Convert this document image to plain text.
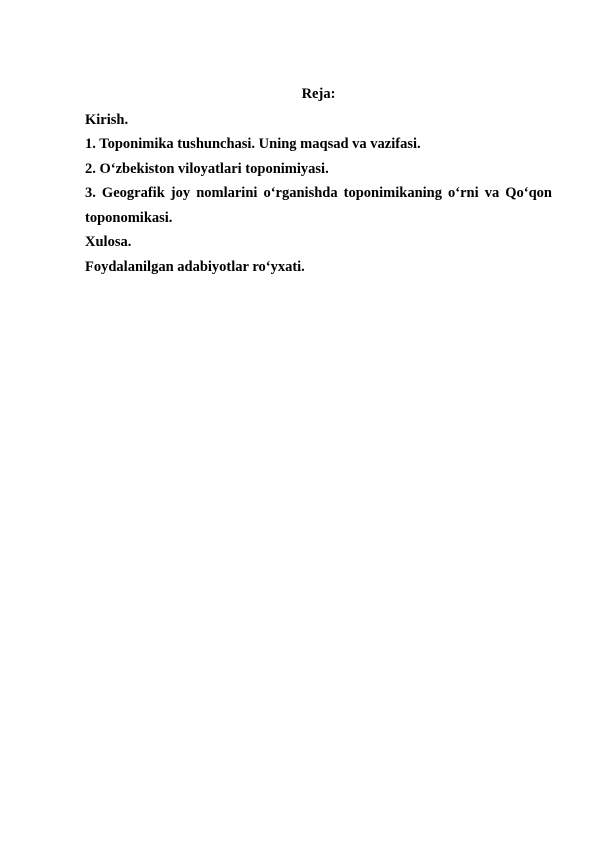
Reja:
Kirish.
1. Toponimika tushunchasi. Uning maqsad va vazifasi.
2. O‘zbekiston viloyatlari toponimiyasi.
3. Geografik joy nomlarini o‘rganishda toponimikaning o‘rni va Qo‘qon toponomikasi.
Xulosa.
Foydalanilgan adabiyotlar ro‘yxati.
